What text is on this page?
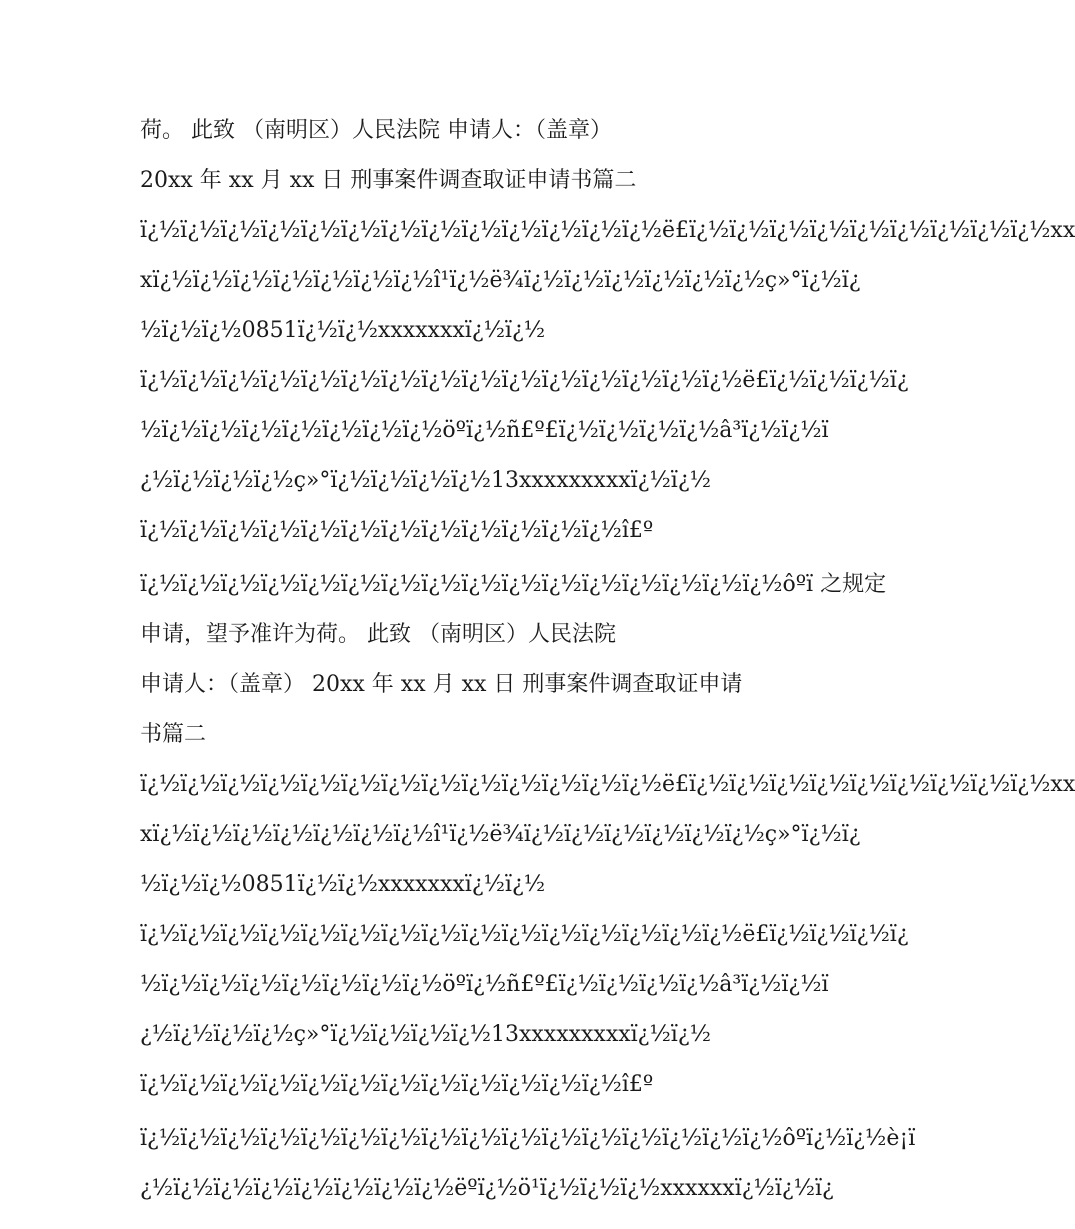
荷。 此致 （南明区）人民法院 申请人：（盖章）
20xx 年 xx 月 xx 日 刑事案件调查取证申请书篇二
ï¿½ï¿½ï¿½ï¿½ï¿½ï¿½ï¿½ï¿½ï¿½ï¿½ï¿½ï¿½ï¿½ë£ï¿½ï¿½ï¿½ï¿½ï¿½ï¿½ï¿½ï¿½ï¿½xx
xï¿½ï¿½ï¿½ï¿½ï¿½ï¿½ï¿½î¹ï¿½ë¾ï¿½ï¿½ï¿½ï¿½ï¿½ï¿½ç»°ï¿½ï¿
½ï¿½ï¿½0851ï¿½ï¿½xxxxxxxï¿½ï¿½
ï¿½ï¿½ï¿½ï¿½ï¿½ï¿½ï¿½ï¿½ï¿½ï¿½ï¿½ï¿½ï¿½ï¿½ï¿½ë£ï¿½ï¿½ï¿½ï¿
½ï¿½ï¿½ï¿½ï¿½ï¿½ï¿½ï¿½öºï¿½ñ£º£ï¿½ï¿½ï¿½ï¿½â³ï¿½ï¿½ï
¿½ï¿½ï¿½ï¿½ç»°ï¿½ï¿½ï¿½ï¿½13xxxxxxxxxï¿½ï¿½
ï¿½ï¿½ï¿½ï¿½ï¿½ï¿½ï¿½ï¿½ï¿½ï¿½ï¿½ï¿½î£º
ï¿½ï¿½ï¿½ï¿½ï¿½ï¿½ï¿½ï¿½ï¿½ï¿½ï¿½ï¿½ï¿½ï¿½ï¿½ï¿½ôºï 之规定
申请，望予准许为荷。 此致 （南明区）人民法院
申请人：（盖章） 20xx 年 xx 月 xx 日 刑事案件调查取证申请
书篇二
ï¿½ï¿½ï¿½ï¿½ï¿½ï¿½ï¿½ï¿½ï¿½ï¿½ï¿½ï¿½ï¿½ë£ï¿½ï¿½ï¿½ï¿½ï¿½ï¿½ï¿½ï¿½ï¿½xx
xï¿½ï¿½ï¿½ï¿½ï¿½ï¿½ï¿½î¹ï¿½ë¾ï¿½ï¿½ï¿½ï¿½ï¿½ï¿½ç»°ï¿½ï¿
½ï¿½ï¿½0851ï¿½ï¿½xxxxxxxï¿½ï¿½
ï¿½ï¿½ï¿½ï¿½ï¿½ï¿½ï¿½ï¿½ï¿½ï¿½ï¿½ï¿½ï¿½ï¿½ï¿½ë£ï¿½ï¿½ï¿½ï¿
½ï¿½ï¿½ï¿½ï¿½ï¿½ï¿½ï¿½öºï¿½ñ£º£ï¿½ï¿½ï¿½ï¿½â³ï¿½ï¿½ï
¿½ï¿½ï¿½ï¿½ç»°ï¿½ï¿½ï¿½ï¿½13xxxxxxxxxï¿½ï¿½
ï¿½ï¿½ï¿½ï¿½ï¿½ï¿½ï¿½ï¿½ï¿½ï¿½ï¿½ï¿½î£º
ï¿½ï¿½ï¿½ï¿½ï¿½ï¿½ï¿½ï¿½ï¿½ï¿½ï¿½ï¿½ï¿½ï¿½ï¿½ï¿½ôºï¿½ï¿½è¡ï
¿½ï¿½ï¿½ï¿½ï¿½ï¿½ï¿½ï¿½ëºï¿½ö¹ï¿½ï¿½ï¿½xxxxxxï¿½ï¿½ï¿
